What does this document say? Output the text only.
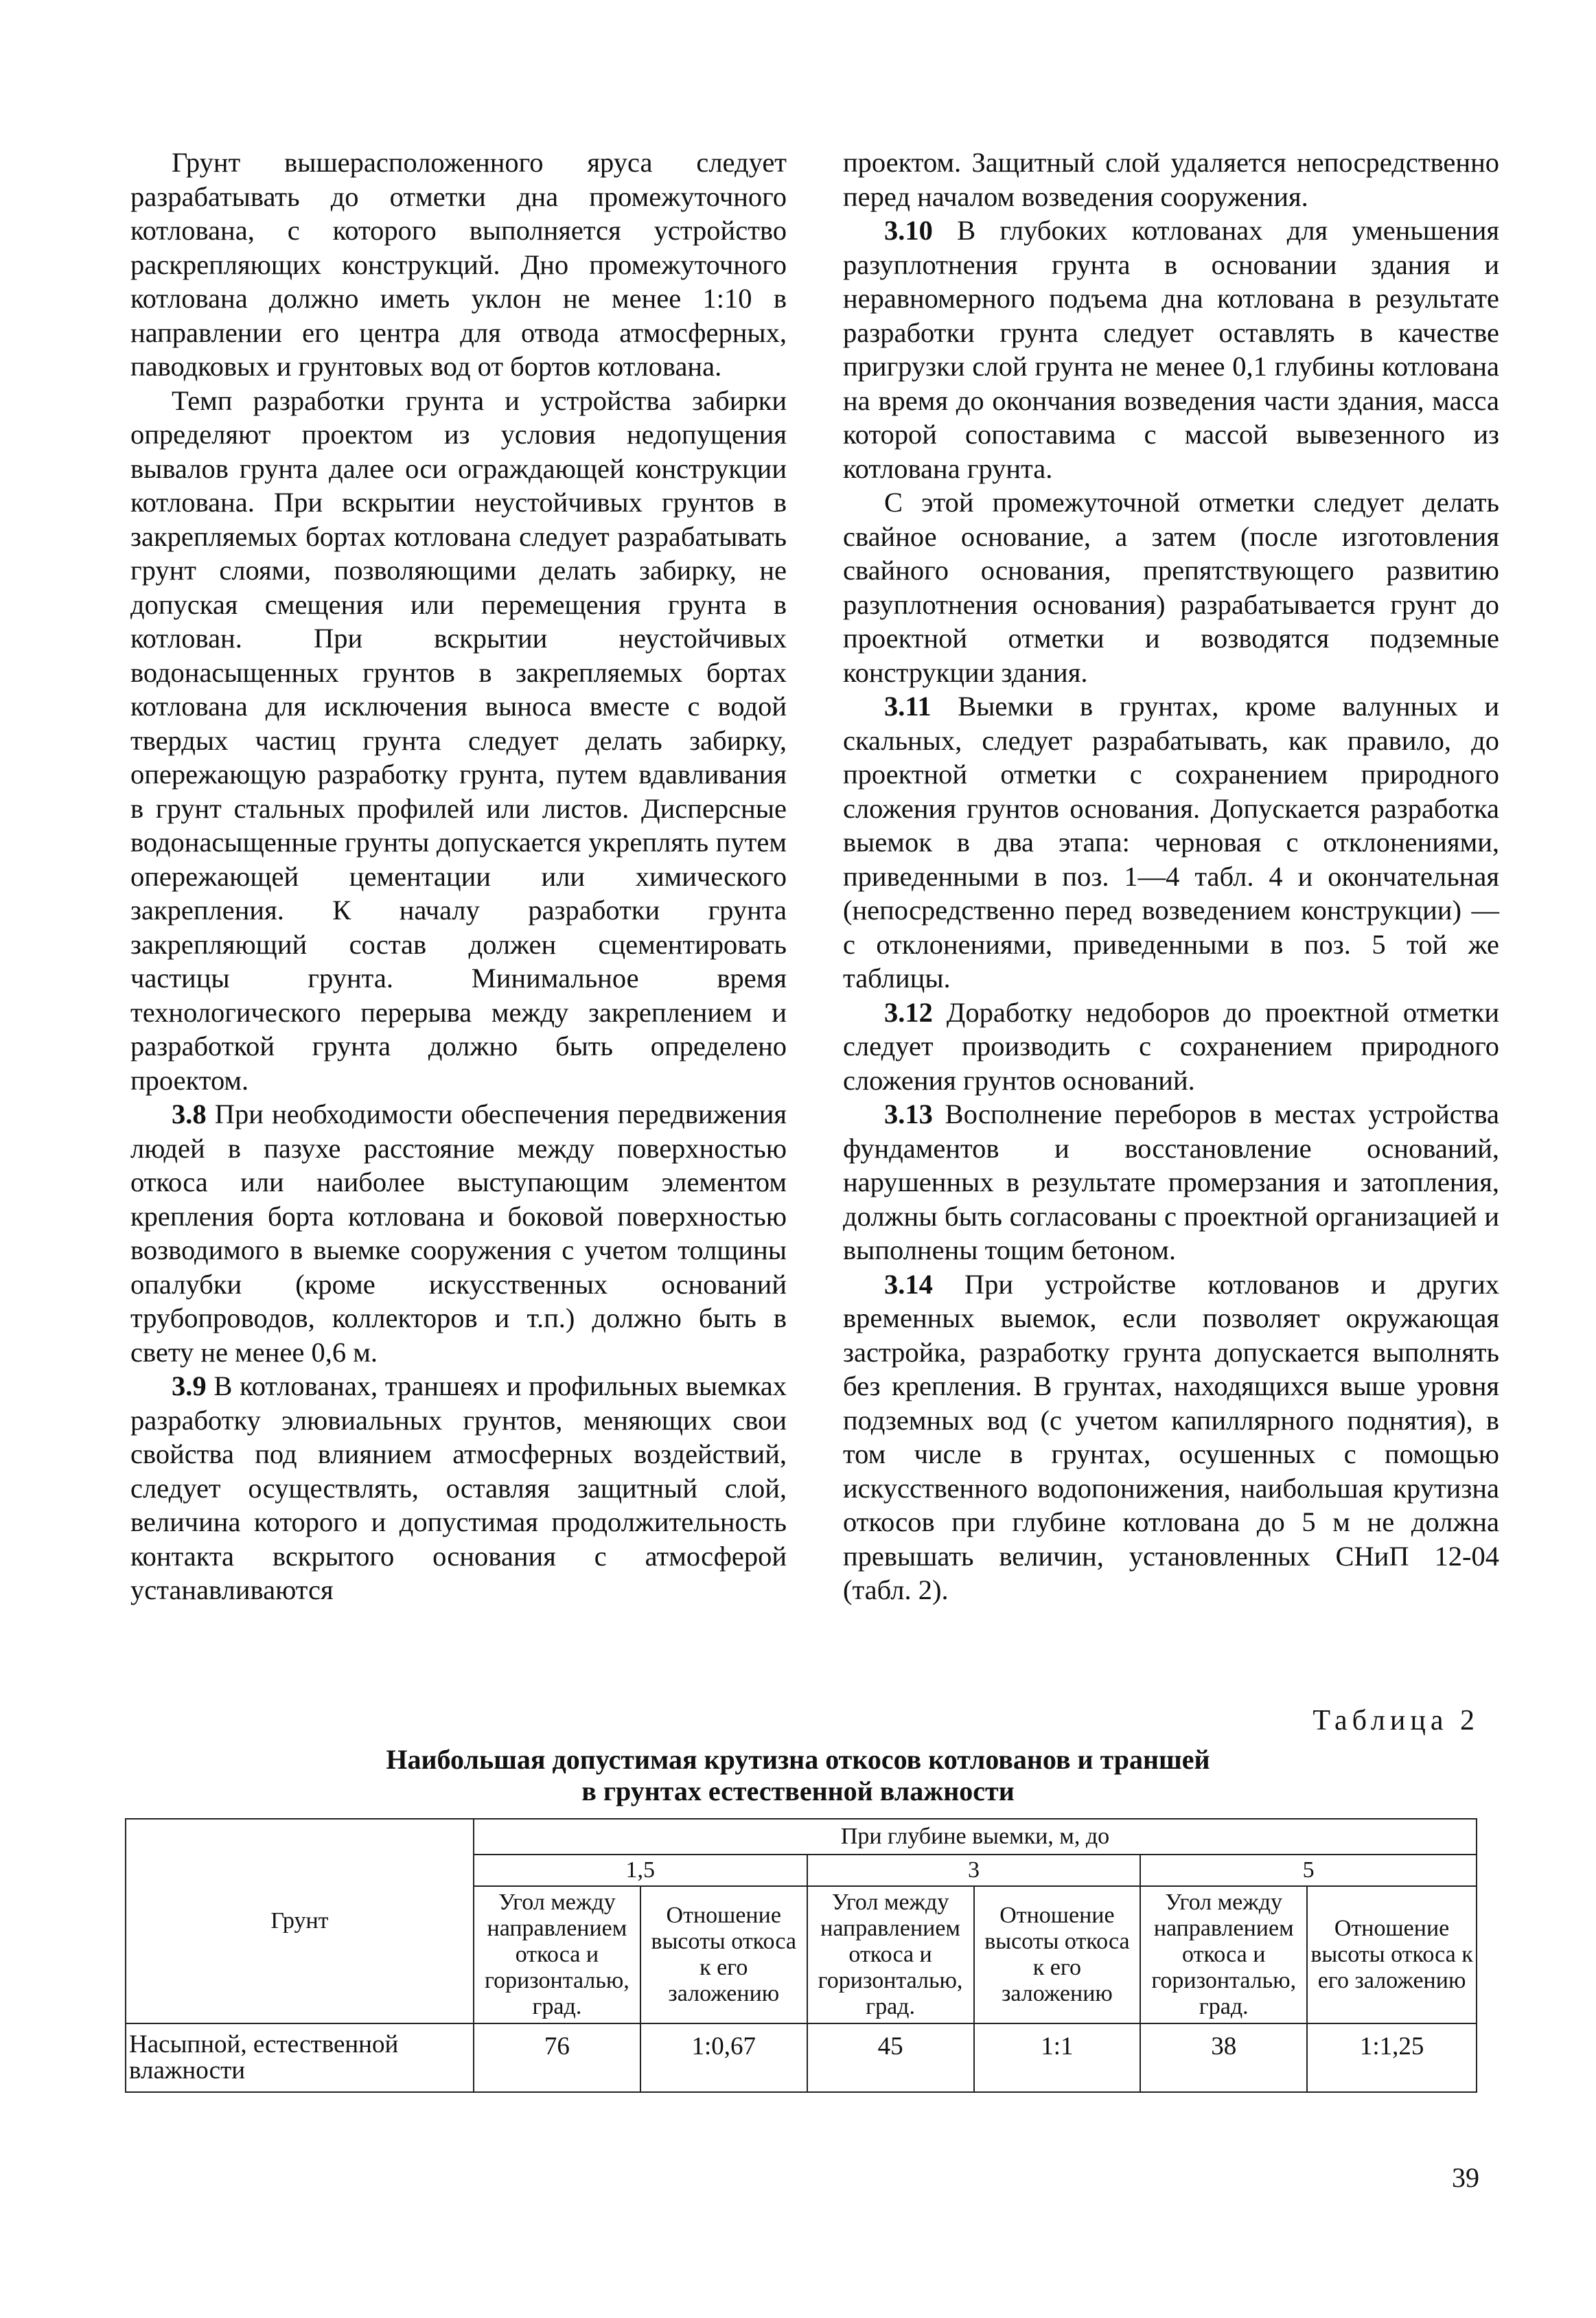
Грунт вышерасположенного яруса следует разрабатывать до отметки дна промежуточного котлована, с которого выполняется устройство раскрепляющих конструкций. Дно промежуточного котлована должно иметь уклон не менее 1:10 в направлении его центра для отвода атмосферных, паводковых и грунтовых вод от бортов котлована.

Темп разработки грунта и устройства забирки определяют проектом из условия недопущения вывалов грунта далее оси ограждающей конструкции котлована. При вскрытии неустойчивых грунтов в закрепляемых бортах котлована следует разрабатывать грунт слоями, позволяющими делать забирку, не допуская смещения или перемещения грунта в котлован. При вскрытии неустойчивых водонасыщенных грунтов в закрепляемых бортах котлована для исключения выноса вместе с водой твердых частиц грунта следует делать забирку, опережающую разработку грунта, путем вдавливания в грунт стальных профилей или листов. Дисперсные водонасыщенные грунты допускается укреплять путем опережающей цементации или химического закрепления. К началу разработки грунта закрепляющий состав должен сцементировать частицы грунта. Минимальное время технологического перерыва между закреплением и разработкой грунта должно быть определено проектом.

3.8 При необходимости обеспечения передвижения людей в пазухе расстояние между поверхностью откоса или наиболее выступающим элементом крепления борта котлована и боковой поверхностью возводимого в выемке сооружения с учетом толщины опалубки (кроме искусственных оснований трубопроводов, коллекторов и т.п.) должно быть в свету не менее 0,6 м.

3.9 В котлованах, траншеях и профильных выемках разработку элювиальных грунтов, меняющих свои свойства под влиянием атмосферных воздействий, следует осуществлять, оставляя защитный слой, величина которого и допустимая продолжительность контакта вскрытого основания с атмосферой устанавливаются

проектом. Защитный слой удаляется непосредственно перед началом возведения сооружения.

3.10 В глубоких котлованах для уменьшения разуплотнения грунта в основании здания и неравномерного подъема дна котлована в результате разработки грунта следует оставлять в качестве пригрузки слой грунта не менее 0,1 глубины котлована на время до окончания возведения части здания, масса которой сопоставима с массой вывезенного из котлована грунта.

С этой промежуточной отметки следует делать свайное основание, а затем (после изготовления свайного основания, препятствующего развитию разуплотнения основания) разрабатывается грунт до проектной отметки и возводятся подземные конструкции здания.

3.11 Выемки в грунтах, кроме валунных и скальных, следует разрабатывать, как правило, до проектной отметки с сохранением природного сложения грунтов основания. Допускается разработка выемок в два этапа: черновая с отклонениями, приведенными в поз. 1—4 табл. 4 и окончательная (непосредственно перед возведением конструкции) — с отклонениями, приведенными в поз. 5 той же таблицы.

3.12 Доработку недоборов до проектной отметки следует производить с сохранением природного сложения грунтов оснований.

3.13 Восполнение переборов в местах устройства фундаментов и восстановление оснований, нарушенных в результате промерзания и затопления, должны быть согласованы с проектной организацией и выполнены тощим бетоном.

3.14 При устройстве котлованов и других временных выемок, если позволяет окружающая застройка, разработку грунта допускается выполнять без крепления. В грунтах, находящихся выше уровня подземных вод (с учетом капиллярного поднятия), в том числе в грунтах, осушенных с помощью искусственного водопонижения, наибольшая крутизна откосов при глубине котлована до 5 м не должна превышать величин, установленных СНиП 12-04 (табл. 2).

Таблица 2
Наибольшая допустимая крутизна откосов котлованов и траншей
в грунтах естественной влажности
Грунт	При глубине выемки, м, до					
	1,5		3		5	
	Угол между направлением откоса и горизонталью, град.	Отношение высоты откоса к его заложению	Угол между направлением откоса и горизонталью, град.	Отношение высоты откоса к его заложению	Угол между направлением откоса и горизонталью, град.	Отношение высоты откоса к его заложению
Насыпной, естественной влажности	76	1:0,67	45	1:1	38	1:1,25
39
